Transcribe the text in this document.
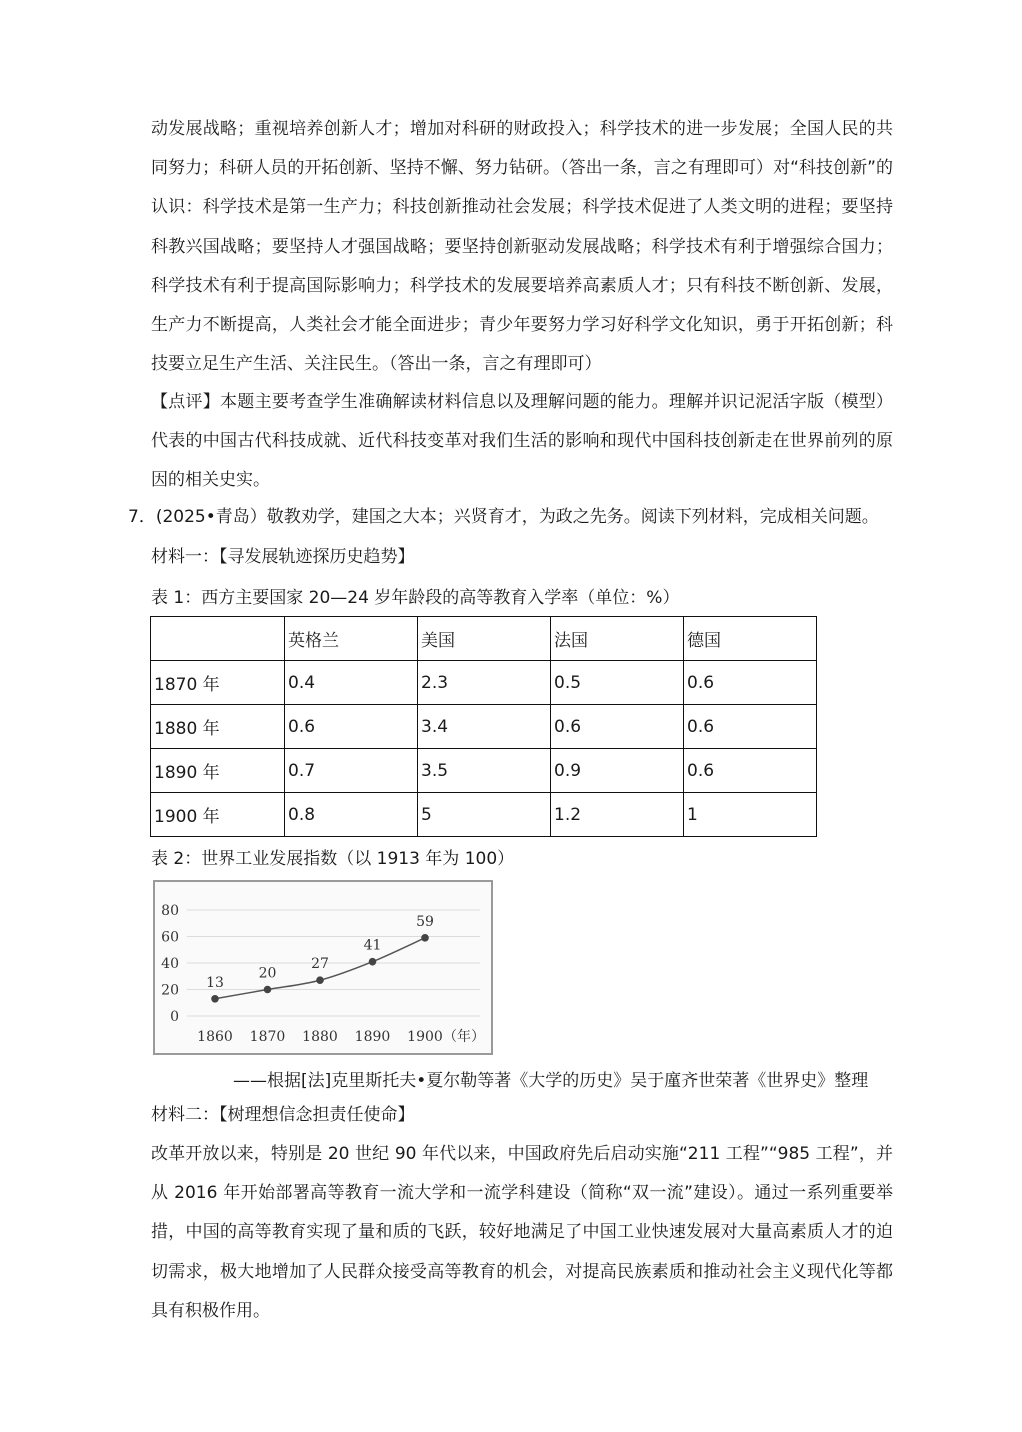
动发展战略；重视培养创新人才；增加对科研的财政投入；科学技术的进一步发展；全国人民的共同努力；科研人员的开拓创新、坚持不懈、努力钻研。（答出一条，言之有理即可）对“科技创新”的认识：科学技术是第一生产力；科技创新推动社会发展；科学技术促进了人类文明的进程；要坚持科教兴国战略；要坚持人才强国战略；要坚持创新驱动发展战略；科学技术有利于增强综合国力；科学技术有利于提高国际影响力；科学技术的发展要培养高素质人才；只有科技不断创新、发展，生产力不断提高，人类社会才能全面进步；青少年要努力学习好科学文化知识，勇于开拓创新；科技要立足生产生活、关注民生。（答出一条，言之有理即可）

【点评】本题主要考查学生准确解读材料信息以及理解问题的能力。理解并识记泥活字版（模型）代表的中国古代科技成就、近代科技变革对我们生活的影响和现代中国科技创新走在世界前列的原因的相关史实。

7．(2025•青岛）敬教劝学，建国之大本；兴贤育才，为政之先务。阅读下列材料，完成相关问题。
材料一：【寻发展轨迹探历史趋势】
表 1：西方主要国家 20—24 岁年龄段的高等教育入学率（单位：%）
	英格兰	美国	法国	德国
1870 年	0.4	2.3	0.5	0.6
1880 年	0.6	3.4	0.6	0.6
1890 年	0.7	3.5	0.9	0.6
1900 年	0.8	5	1.2	1
表 2：世界工业发展指数（以 1913 年为 100）
0
20
40
60
80
1860 1870 1880 1890 1900
13
20
27
41
59
（年）
——根据[法]克里斯托夫•夏尔勒等著《大学的历史》吴于廑齐世荣著《世界史》整理
材料二：【树理想信念担责任使命】

改革开放以来，特别是 20 世纪 90 年代以来，中国政府先后启动实施“211 工程”“985 工程”，并从 2016 年开始部署高等教育一流大学和一流学科建设（简称“双一流”建设）。通过一系列重要举措，中国的高等教育实现了量和质的飞跃，较好地满足了中国工业快速发展对大量高素质人才的迫切需求，极大地增加了人民群众接受高等教育的机会，对提高民族素质和推动社会主义现代化等都具有积极作用。
